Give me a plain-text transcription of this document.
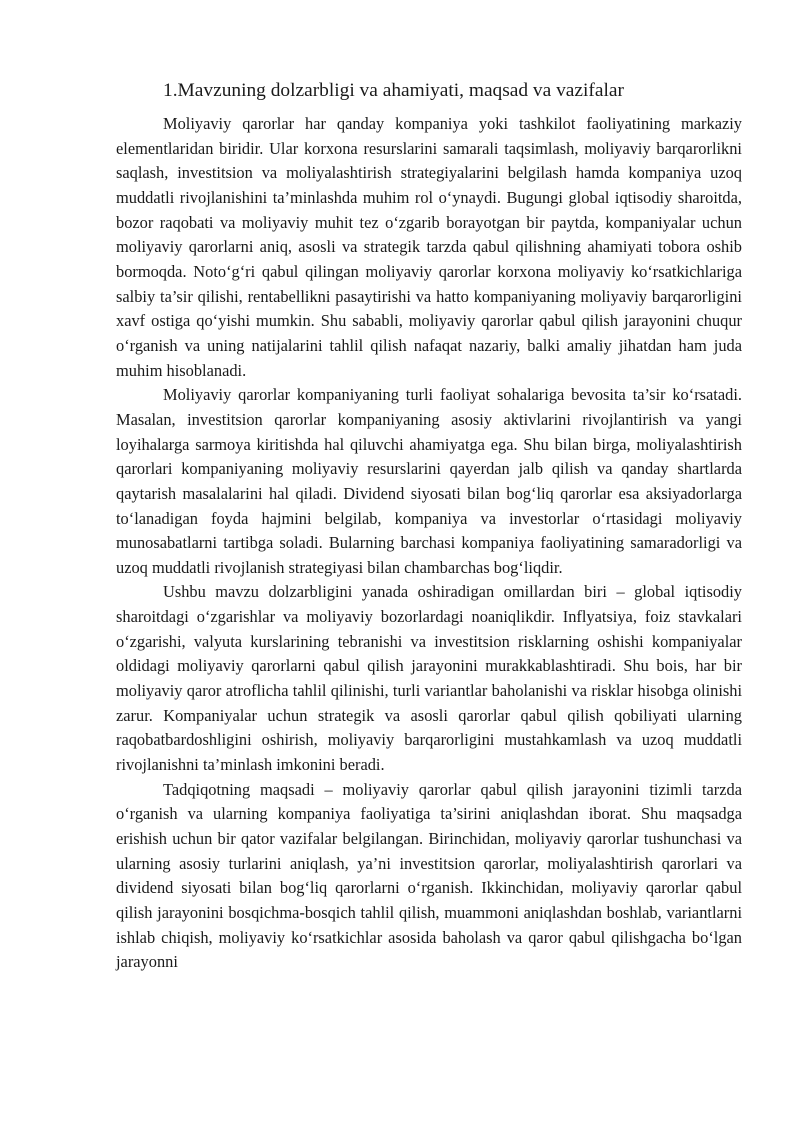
1.Mavzuning dolzarbligi va ahamiyati, maqsad va vazifalar

Moliyaviy qarorlar har qanday kompaniya yoki tashkilot faoliyatining markaziy elementlaridan biridir. Ular korxona resurslarini samarali taqsimlash, moliyaviy barqarorlikni saqlash, investitsion va moliyalashtirish strategiyalarini belgilash hamda kompaniya uzoq muddatli rivojlanishini ta’minlashda muhim rol o‘ynaydi. Bugungi global iqtisodiy sharoitda, bozor raqobati va moliyaviy muhit tez o‘zgarib borayotgan bir paytda, kompaniyalar uchun moliyaviy qarorlarni aniq, asosli va strategik tarzda qabul qilishning ahamiyati tobora oshib bormoqda. Noto‘g‘ri qabul qilingan moliyaviy qarorlar korxona moliyaviy ko‘rsatkichlariga salbiy ta’sir qilishi, rentabellikni pasaytirishi va hatto kompaniyaning moliyaviy barqarorligini xavf ostiga qo‘yishi mumkin. Shu sababli, moliyaviy qarorlar qabul qilish jarayonini chuqur o‘rganish va uning natijalarini tahlil qilish nafaqat nazariy, balki amaliy jihatdan ham juda muhim hisoblanadi.

Moliyaviy qarorlar kompaniyaning turli faoliyat sohalariga bevosita ta’sir ko‘rsatadi. Masalan, investitsion qarorlar kompaniyaning asosiy aktivlarini rivojlantirish va yangi loyihalarga sarmoya kiritishda hal qiluvchi ahamiyatga ega. Shu bilan birga, moliyalashtirish qarorlari kompaniyaning moliyaviy resurslarini qayerdan jalb qilish va qanday shartlarda qaytarish masalalarini hal qiladi. Dividend siyosati bilan bog‘liq qarorlar esa aksiyadorlarga to‘lanadigan foyda hajmini belgilab, kompaniya va investorlar o‘rtasidagi moliyaviy munosabatlarni tartibga soladi. Bularning barchasi kompaniya faoliyatining samaradorligi va uzoq muddatli rivojlanish strategiyasi bilan chambarchas bog‘liqdir.

Ushbu mavzu dolzarbligini yanada oshiradigan omillardan biri – global iqtisodiy sharoitdagi o‘zgarishlar va moliyaviy bozorlardagi noaniqlikdir. Inflyatsiya, foiz stavkalari o‘zgarishi, valyuta kurslarining tebranishi va investitsion risklarning oshishi kompaniyalar oldidagi moliyaviy qarorlarni qabul qilish jarayonini murakkablashtiradi. Shu bois, har bir moliyaviy qaror atroflicha tahlil qilinishi, turli variantlar baholanishi va risklar hisobga olinishi zarur. Kompaniyalar uchun strategik va asosli qarorlar qabul qilish qobiliyati ularning raqobatbardoshligini oshirish, moliyaviy barqarorligini mustahkamlash va uzoq muddatli rivojlanishni ta’minlash imkonini beradi.

Tadqiqotning maqsadi – moliyaviy qarorlar qabul qilish jarayonini tizimli tarzda o‘rganish va ularning kompaniya faoliyatiga ta’sirini aniqlashdan iborat. Shu maqsadga erishish uchun bir qator vazifalar belgilangan. Birinchidan, moliyaviy qarorlar tushunchasi va ularning asosiy turlarini aniqlash, ya’ni investitsion qarorlar, moliyalashtirish qarorlari va dividend siyosati bilan bog‘liq qarorlarni o‘rganish. Ikkinchidan, moliyaviy qarorlar qabul qilish jarayonini bosqichma-bosqich tahlil qilish, muammoni aniqlashdan boshlab, variantlarni ishlab chiqish, moliyaviy ko‘rsatkichlar asosida baholash va qaror qabul qilishgacha bo‘lgan jarayonni
